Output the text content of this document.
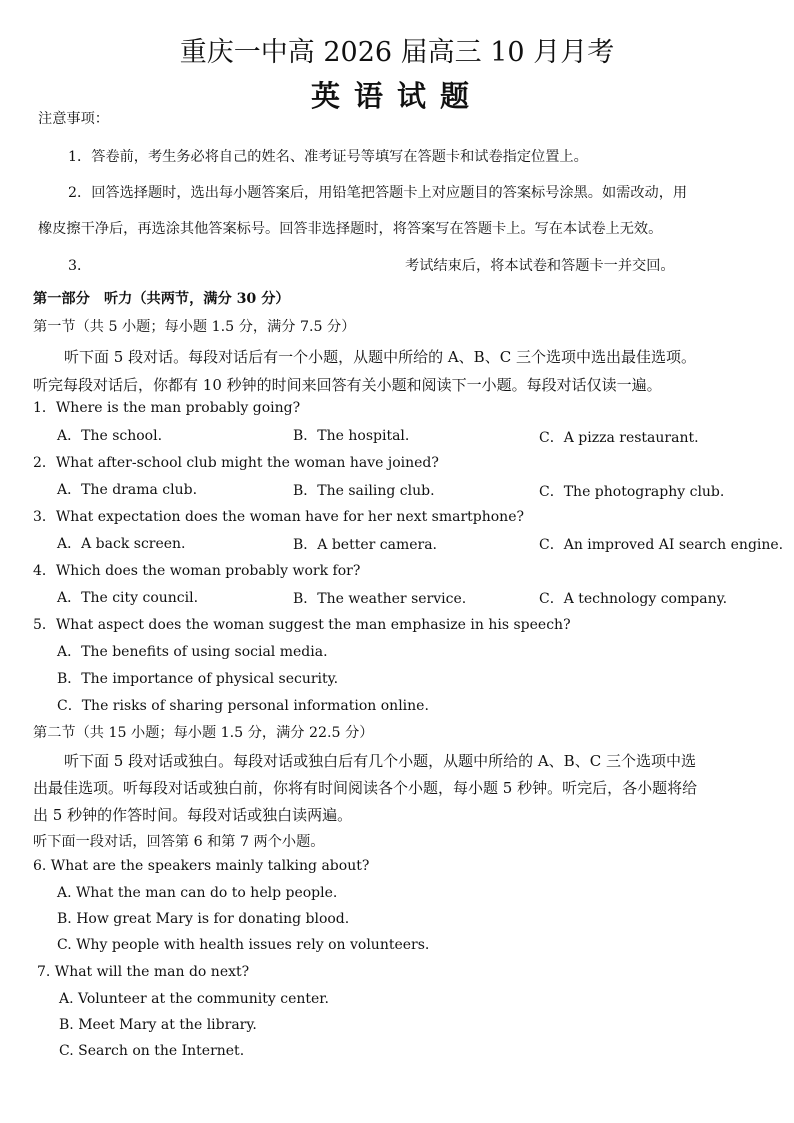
重庆一中高 2026 届高三 10 月月考
英语试题
注意事项：
1．答卷前，考生务必将自己的姓名、准考证号等填写在答题卡和试卷指定位置上。
2．回答选择题时，选出每小题答案后，用铅笔把答题卡上对应题目的答案标号涂黑。如需改动，用
橡皮擦干净后，再选涂其他答案标号。回答非选择题时，将答案写在答题卡上。写在本试卷上无效。
3．	考试结束后，将本试卷和答题卡一并交回。
第一部分　听力（共两节，满分 30 分）
第一节（共 5 小题；每小题 1.5 分，满分 7.5 分）
听下面 5 段对话。每段对话后有一个小题，从题中所给的 A、B、C 三个选项中选出最佳选项。
听完每段对话后，你都有 10 秒钟的时间来回答有关小题和阅读下一小题。每段对话仅读一遍。
1．Where is the man probably going?
A．The school.	B．The hospital.	C．A pizza restaurant.
2．What after-school club might the woman have joined?
A．The drama club.	B．The sailing club.	C．The photography club.
3．What expectation does the woman have for her next smartphone?
A．A back screen.	B．A better camera.	C．An improved AI search engine.
4．Which does the woman probably work for?
A．The city council.	B．The weather service.	C．A technology company.
5．What aspect does the woman suggest the man emphasize in his speech?
A．The benefits of using social media.
B．The importance of physical security.
C．The risks of sharing personal information online.
第二节（共 15 小题；每小题 1.5 分，满分 22.5 分）
听下面 5 段对话或独白。每段对话或独白后有几个小题，从题中所给的 A、B、C 三个选项中选
出最佳选项。听每段对话或独白前，你将有时间阅读各个小题，每小题 5 秒钟。听完后，各小题将给
出 5 秒钟的作答时间。每段对话或独白读两遍。
听下面一段对话，回答第 6 和第 7 两个小题。
6. What are the speakers mainly talking about?
A. What the man can do to help people.
B. How great Mary is for donating blood.
C. Why people with health issues rely on volunteers.
7. What will the man do next?
A. Volunteer at the community center.
B. Meet Mary at the library.
C. Search on the Internet.
